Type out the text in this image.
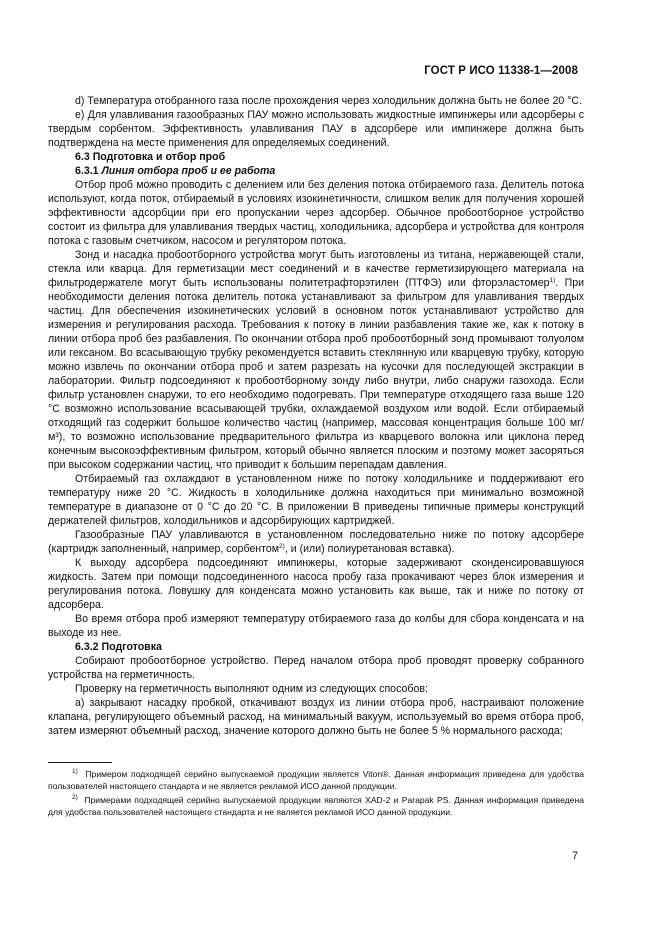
ГОСТ Р ИСО 11338-1—2008

d) Температура отобранного газа после прохождения через холодильник должна быть не более 20 °C.

e) Для улавливания газообразных ПАУ можно использовать жидкостные импинжеры или адсорберы с твердым сорбентом. Эффективность улавливания ПАУ в адсорбере или импинжере должна быть подтверждена на месте применения для определяемых соединений.

6.3 Подготовка и отбор проб

6.3.1 Линия отбора проб и ее работа

Отбор проб можно проводить с делением или без деления потока отбираемого газа. Делитель потока используют, когда поток, отбираемый в условиях изокинетичности, слишком велик для получения хорошей эффективности адсорбции при его пропускании через адсорбер. Обычное пробоотборное устройство состоит из фильтра для улавливания твердых частиц, холодильника, адсорбера и устройства для контроля потока с газовым счетчиком, насосом и регулятором потока.

Зонд и насадка пробоотборного устройства могут быть изготовлены из титана, нержавеющей стали, стекла или кварца. Для герметизации мест соединений и в качестве герметизирующего материала на фильтродержателе могут быть использованы политетрафторэтилен (ПТФЭ) или фторэластомер$^{1)}$. При необходимости деления потока делитель потока устанавливают за фильтром для улавливания твердых частиц. Для обеспечения изокинетических условий в основном поток устанавливают устройство для измерения и регулирования расхода. Требования к потоку в линии разбавления такие же, как к потоку в линии отбора проб без разбавления. По окончании отбора проб пробоотборный зонд промывают толуолом или гексаном. Во всасывающую трубку рекомендуется вставить стеклянную или кварцевую трубку, которую можно извлечь по окончании отбора проб и затем разрезать на кусочки для последующей экстракции в лаборатории. Фильтр подсоединяют к пробоотборному зонду либо внутри, либо снаружи газохода. Если фильтр установлен снаружи, то его необходимо подогревать. При температуре отходящего газа выше 120 °C возможно использование всасывающей трубки, охлаждаемой воздухом или водой. Если отбираемый отходящий газ содержит большое количество частиц (например, массовая концентрация больше 100 мг/м³), то возможно использование предварительного фильтра из кварцевого волокна или циклона перед конечным высокоэффективным фильтром, который обычно является плоским и поэтому может засоряться при высоком содержании частиц, что приводит к большим перепадам давления.

Отбираемый газ охлаждают в установленном ниже по потоку холодильнике и поддерживают его температуру ниже 20 °C. Жидкость в холодильнике должна находиться при минимально возможной температуре в диапазоне от 0 °C до 20 °C. В приложении В приведены типичные примеры конструкций держателей фильтров, холодильников и адсорбирующих картриджей.

Газообразные ПАУ улавливаются в установленном последовательно ниже по потоку адсорбере (картридж заполненный, например, сорбентом$^{2)}$, и (или) полиуретановая вставка).

К выходу адсорбера подсоединяют импинжеры, которые задерживают сконденсировавшуюся жидкость. Затем при помощи подсоединенного насоса пробу газа прокачивают через блок измерения и регулирования потока. Ловушку для конденсата можно установить как выше, так и ниже по потоку от адсорбера.

Во время отбора проб измеряют температуру отбираемого газа до колбы для сбора конденсата и на выходе из нее.

6.3.2 Подготовка

Собирают пробоотборное устройство. Перед началом отбора проб проводят проверку собранного устройства на герметичность.

Проверку на герметичность выполняют одним из следующих способов:

a) закрывают насадку пробкой, откачивают воздух из линии отбора проб, настраивают положение клапана, регулирующего объемный расход, на минимальный вакуум, используемый во время отбора проб, затем измеряют объемный расход, значение которого должно быть не более 5 % нормального расхода;

$^{1)}$ Примером подходящей серийно выпускаемой продукции является Viton®. Данная информация приведена для удобства пользователей настоящего стандарта и не является рекламой ИСО данной продукции.

$^{2)}$ Примерами подходящей серийно выпускаемой продукции являются XAD-2 и Parapak PS. Данная информация приведена для удобства пользователей настоящего стандарта и не является рекламой ИСО данной продукции.

7
